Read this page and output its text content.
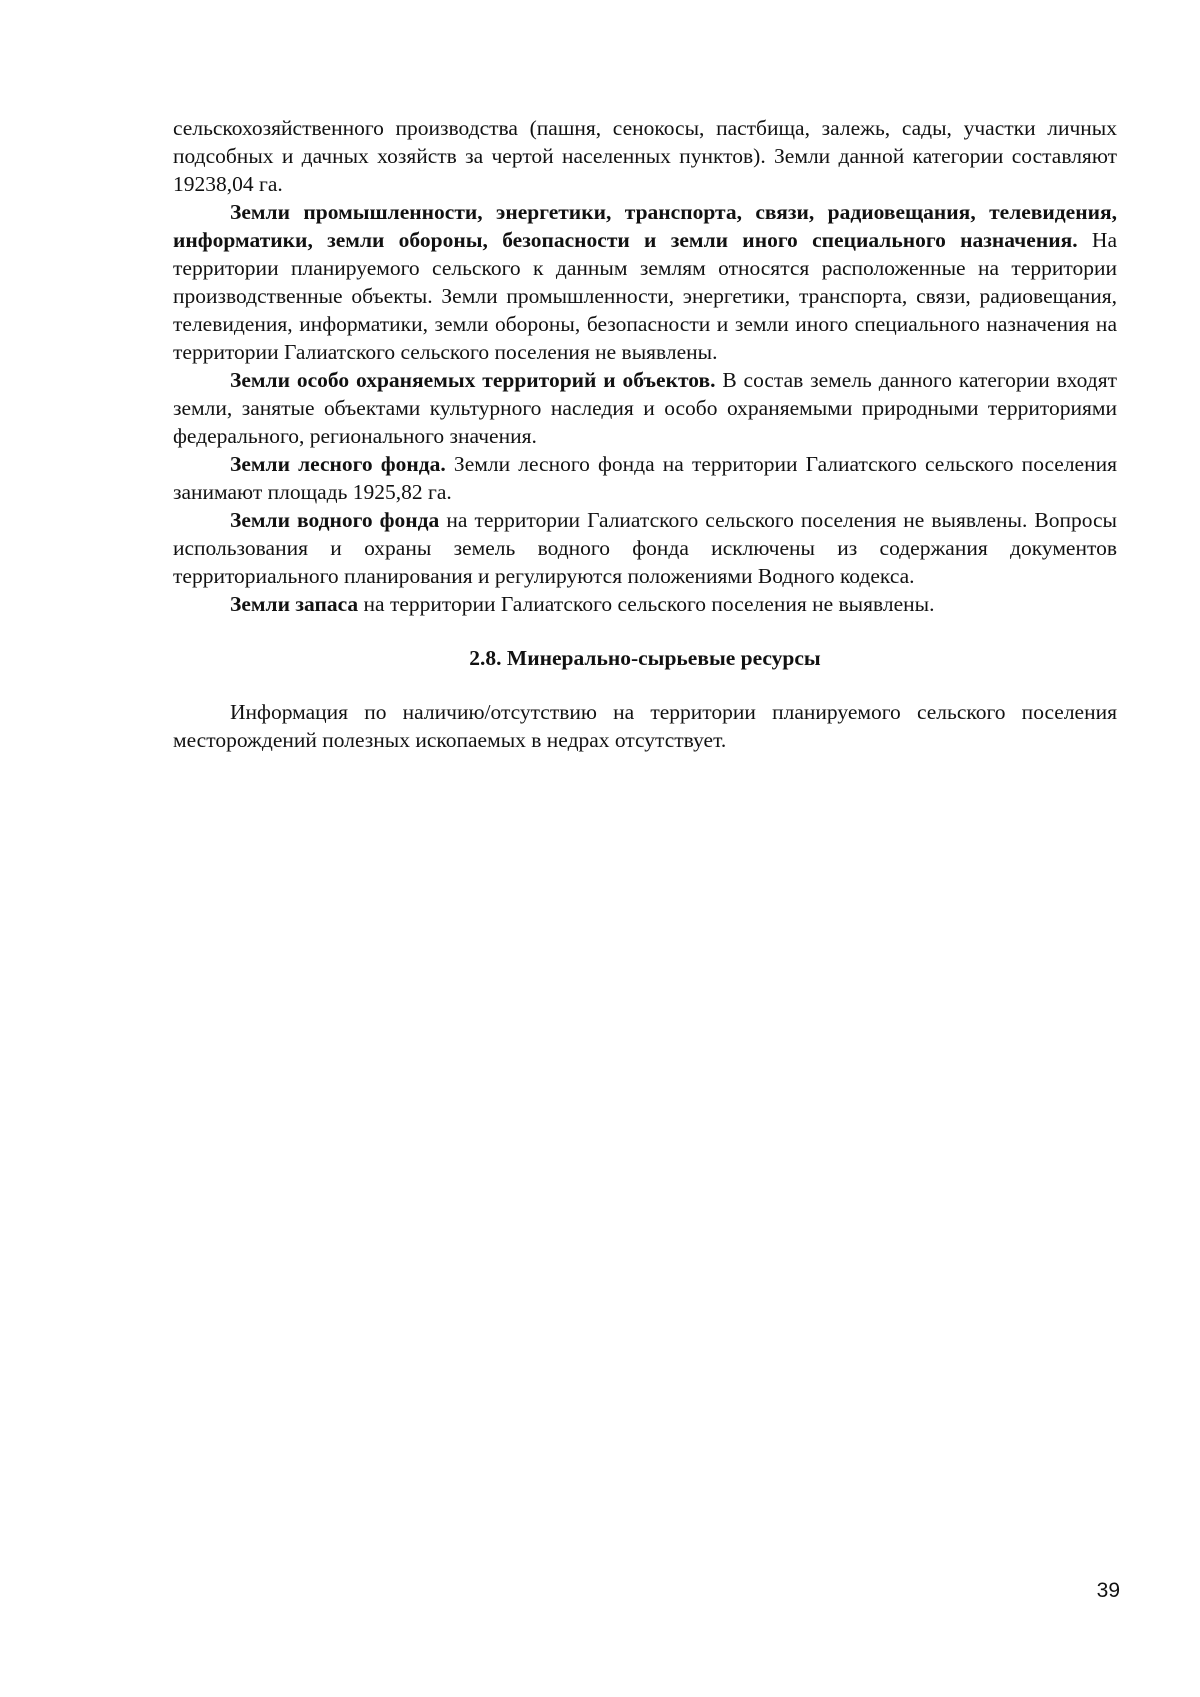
сельскохозяйственного производства (пашня, сенокосы, пастбища, залежь, сады, участки личных подсобных и дачных хозяйств за чертой населенных пунктов). Земли данной категории составляют 19238,04 га.

Земли промышленности, энергетики, транспорта, связи, радиовещания, телевидения, информатики, земли обороны, безопасности и земли иного специального назначения. На территории планируемого сельского к данным землям относятся расположенные на территории производственные объекты. Земли промышленности, энергетики, транспорта, связи, радиовещания, телевидения, информатики, земли обороны, безопасности и земли иного специального назначения на территории Галиатского сельского поселения не выявлены.

Земли особо охраняемых территорий и объектов. В состав земель данного категории входят земли, занятые объектами культурного наследия и особо охраняемыми природными территориями федерального, регионального значения.

Земли лесного фонда. Земли лесного фонда на территории Галиатского сельского поселения занимают площадь 1925,82 га.

Земли водного фонда на территории Галиатского сельского поселения не выявлены. Вопросы использования и охраны земель водного фонда исключены из содержания документов территориального планирования и регулируются положениями Водного кодекса.

Земли запаса на территории Галиатского сельского поселения не выявлены.

2.8. Минерально-сырьевые ресурсы

Информация по наличию/отсутствию на территории планируемого сельского поселения месторождений полезных ископаемых в недрах отсутствует.

39
